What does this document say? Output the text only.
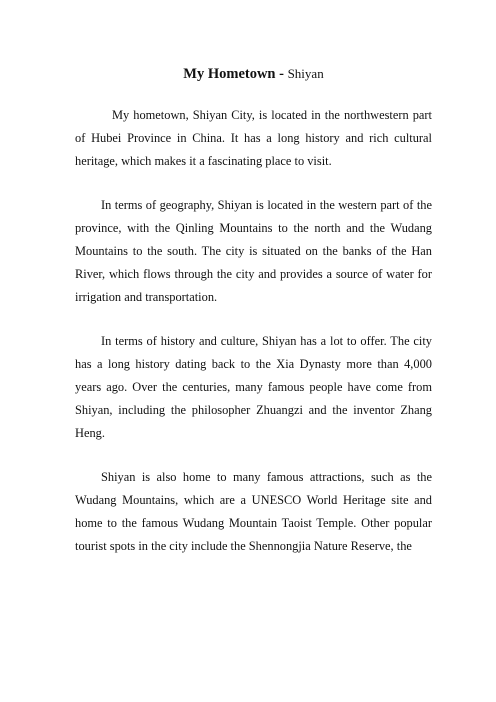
My Hometown - Shiyan

My hometown, Shiyan City, is located in the northwestern part of Hubei Province in China. It has a long history and rich cultural heritage, which makes it a fascinating place to visit.

In terms of geography, Shiyan is located in the western part of the province, with the Qinling Mountains to the north and the Wudang Mountains to the south. The city is situated on the banks of the Han River, which flows through the city and provides a source of water for irrigation and transportation.

In terms of history and culture, Shiyan has a lot to offer. The city has a long history dating back to the Xia Dynasty more than 4,000 years ago. Over the centuries, many famous people have come from Shiyan, including the philosopher Zhuangzi and the inventor Zhang Heng.

Shiyan is also home to many famous attractions, such as the Wudang Mountains, which are a UNESCO World Heritage site and home to the famous Wudang Mountain Taoist Temple. Other popular tourist spots in the city include the Shennongjia Nature Reserve, the
